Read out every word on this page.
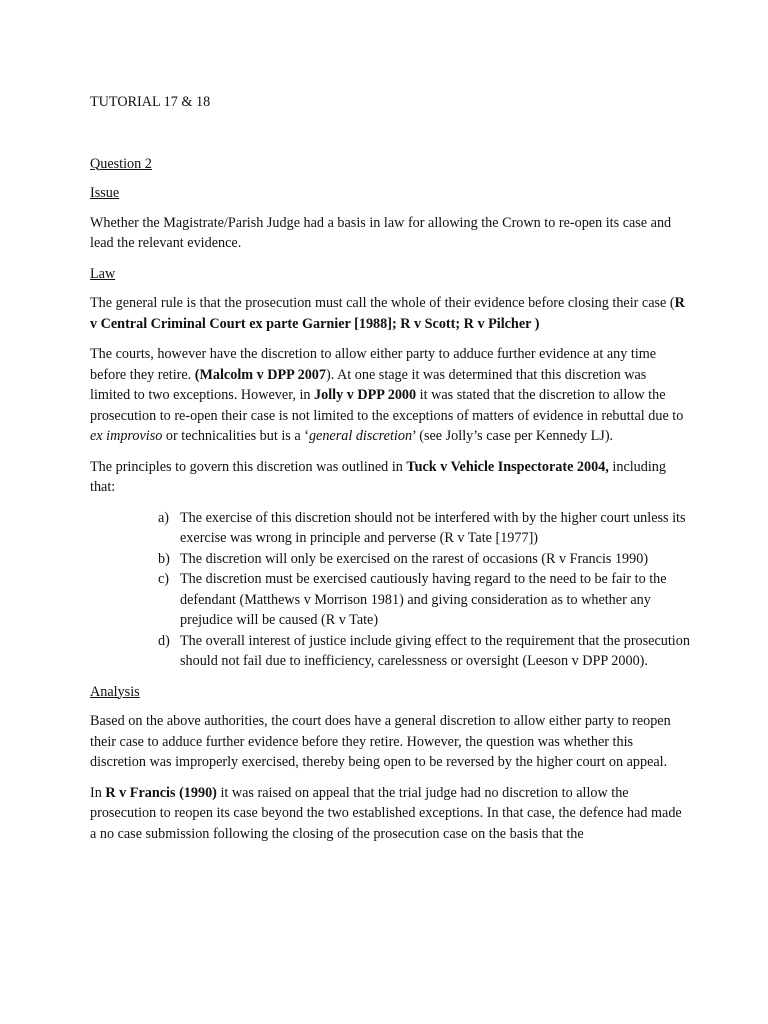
TUTORIAL 17 & 18

Question 2

Issue

Whether the Magistrate/Parish Judge had a basis in law for allowing the Crown to re-open its case and lead the relevant evidence.

Law

The general rule is that the prosecution must call the whole of their evidence before closing their case (R v Central Criminal Court ex parte Garnier [1988]; R v Scott; R v Pilcher )

The courts, however have the discretion to allow either party to adduce further evidence at any time before they retire. (Malcolm v DPP 2007). At one stage it was determined that this discretion was limited to two exceptions. However, in Jolly v DPP 2000 it was stated that the discretion to allow the prosecution to re-open their case is not limited to the exceptions of matters of evidence in rebuttal due to ex improviso or technicalities but is a ‘general discretion’ (see Jolly’s case per Kennedy LJ).

The principles to govern this discretion was outlined in Tuck v Vehicle Inspectorate 2004, including that:

a) The exercise of this discretion should not be interfered with by the higher court unless its exercise was wrong in principle and perverse (R v Tate [1977])
b) The discretion will only be exercised on the rarest of occasions (R v Francis 1990)
c) The discretion must be exercised cautiously having regard to the need to be fair to the defendant (Matthews v Morrison 1981) and giving consideration as to whether any prejudice will be caused (R v Tate)
d) The overall interest of justice include giving effect to the requirement that the prosecution should not fail due to inefficiency, carelessness or oversight (Leeson v DPP 2000).

Analysis

Based on the above authorities, the court does have a general discretion to allow either party to reopen their case to adduce further evidence before they retire. However, the question was whether this discretion was improperly exercised, thereby being open to be reversed by the higher court on appeal.

In R v Francis (1990) it was raised on appeal that the trial judge had no discretion to allow the prosecution to reopen its case beyond the two established exceptions. In that case, the defence had made a no case submission following the closing of the prosecution case on the basis that the
